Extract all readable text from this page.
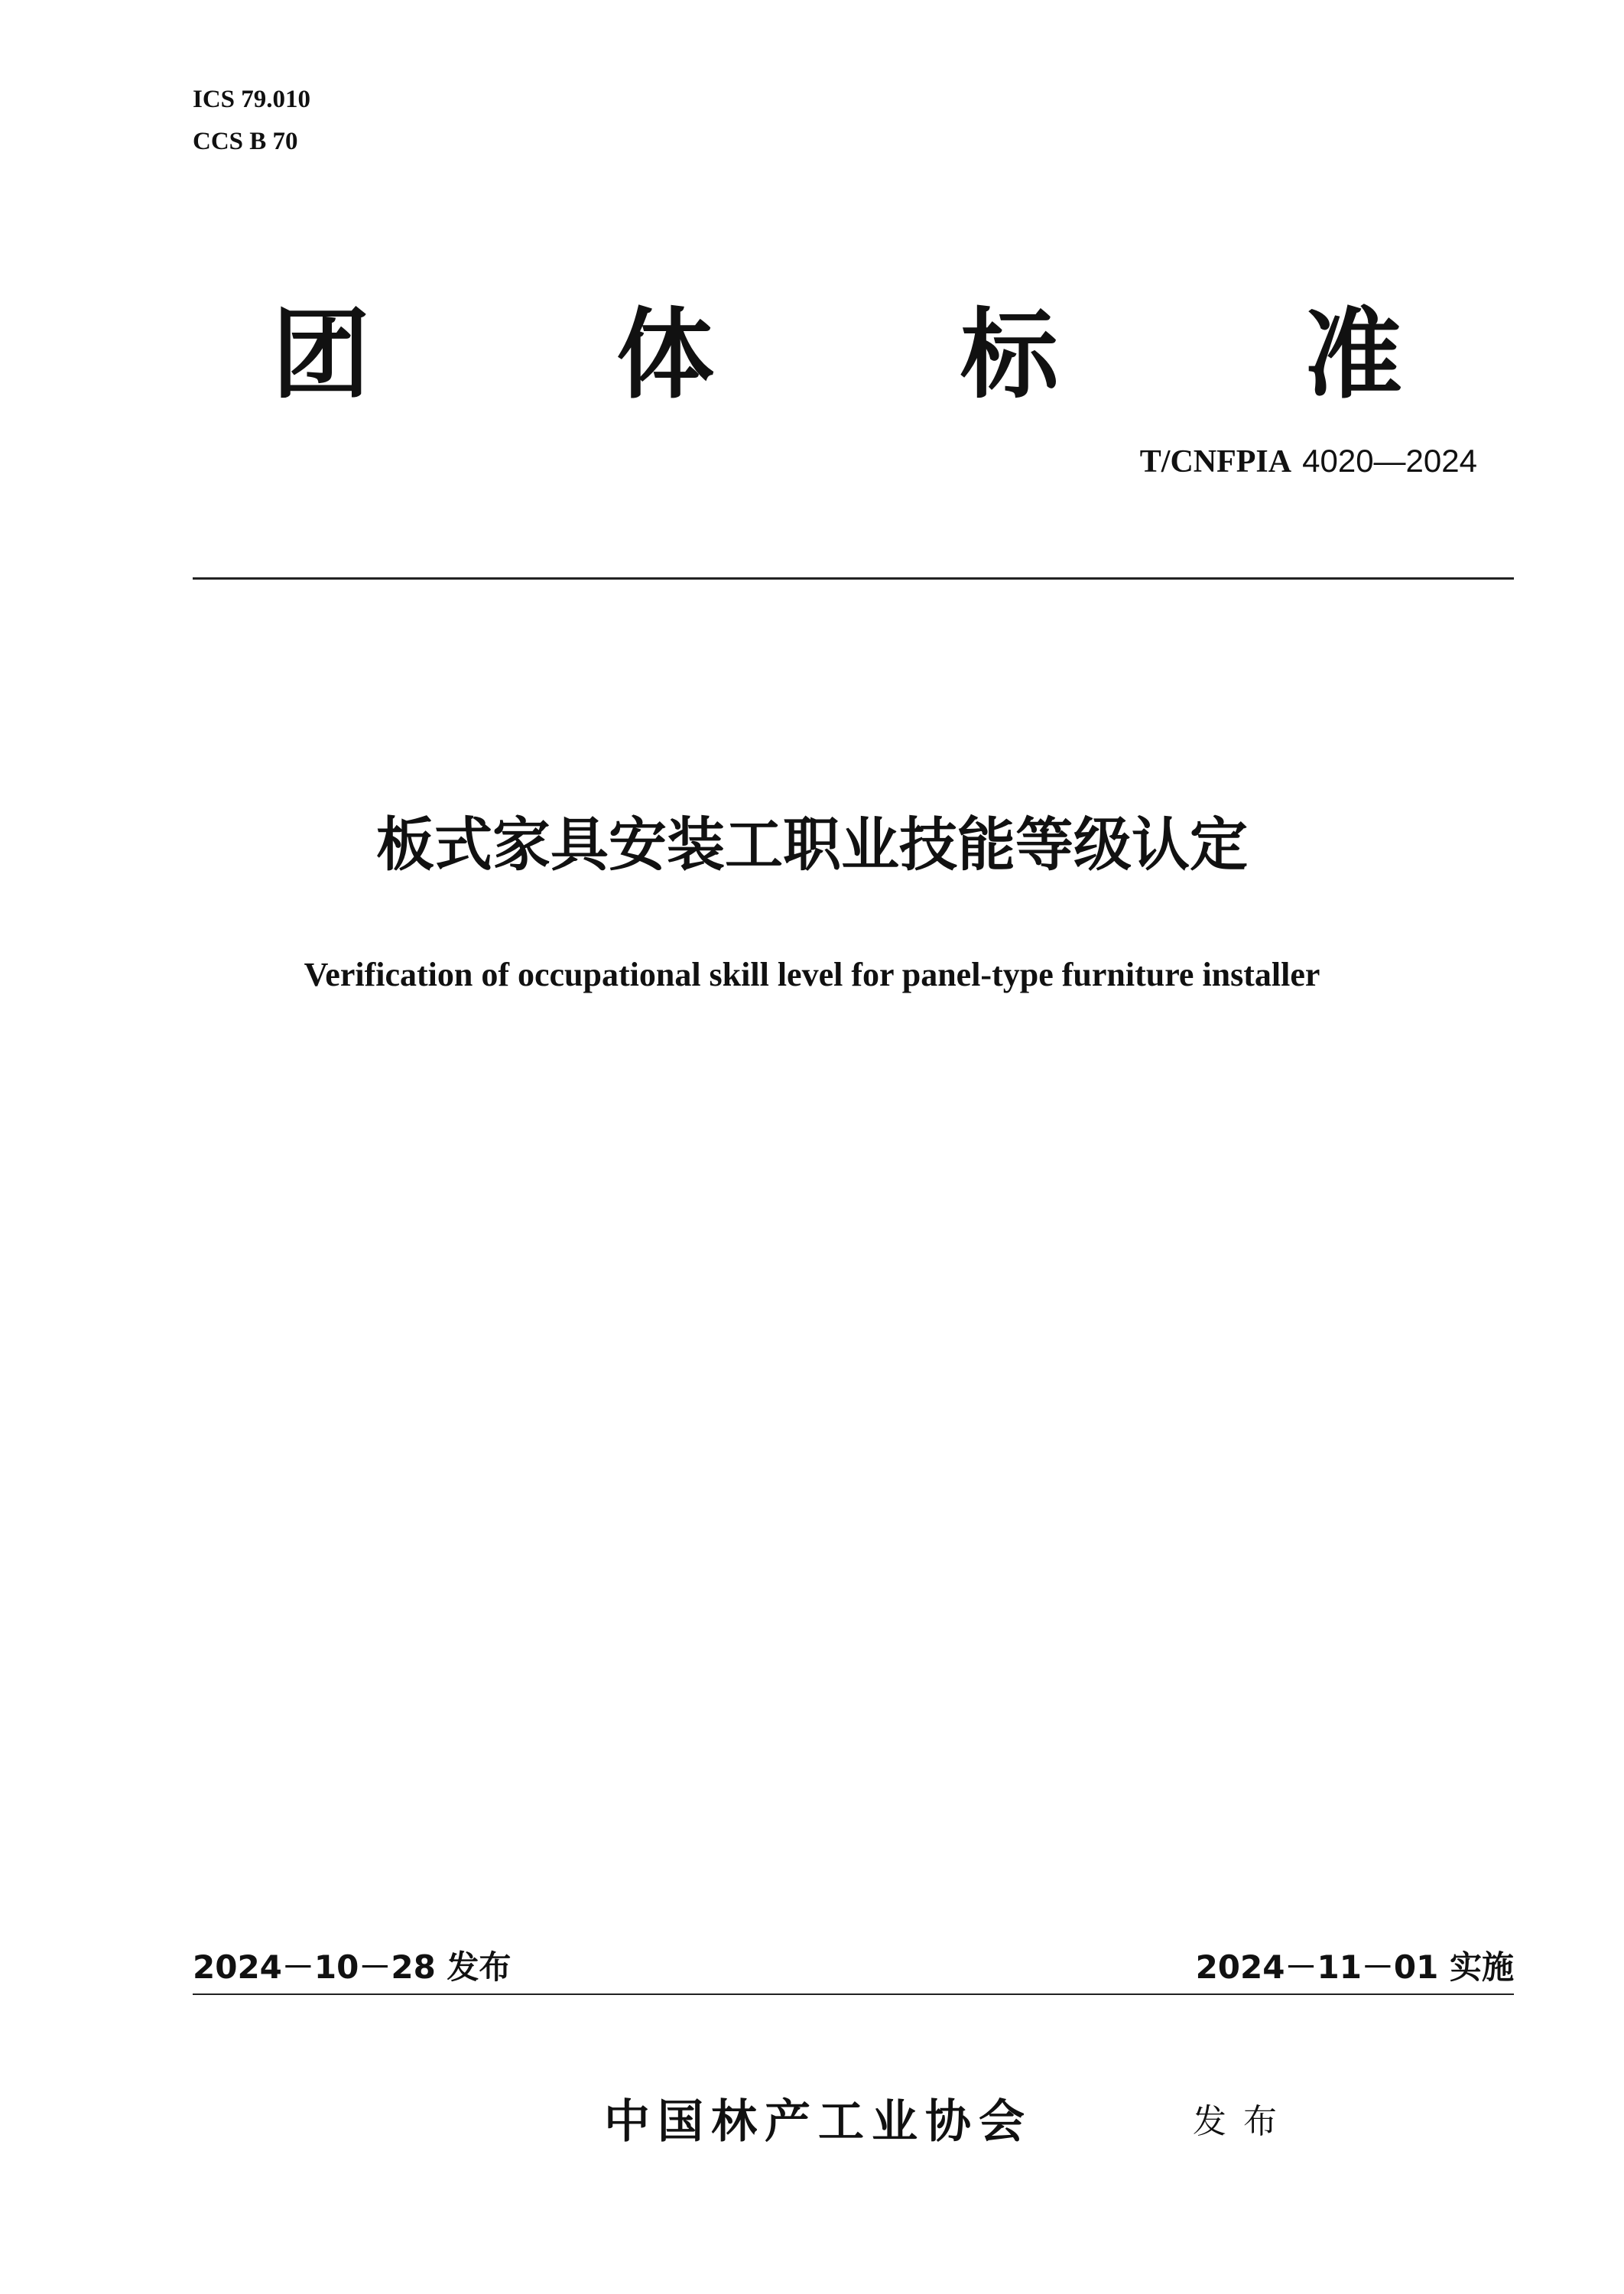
ICS 79.010
CCS B 70
团	体	标	准
T/CNFPIA 4020—2024
板式家具安装工职业技能等级认定
Verification of occupational skill level for panel-type furniture installer
2024－10－28 发布	2024－11－01 实施
中国林产工业协会	发布
